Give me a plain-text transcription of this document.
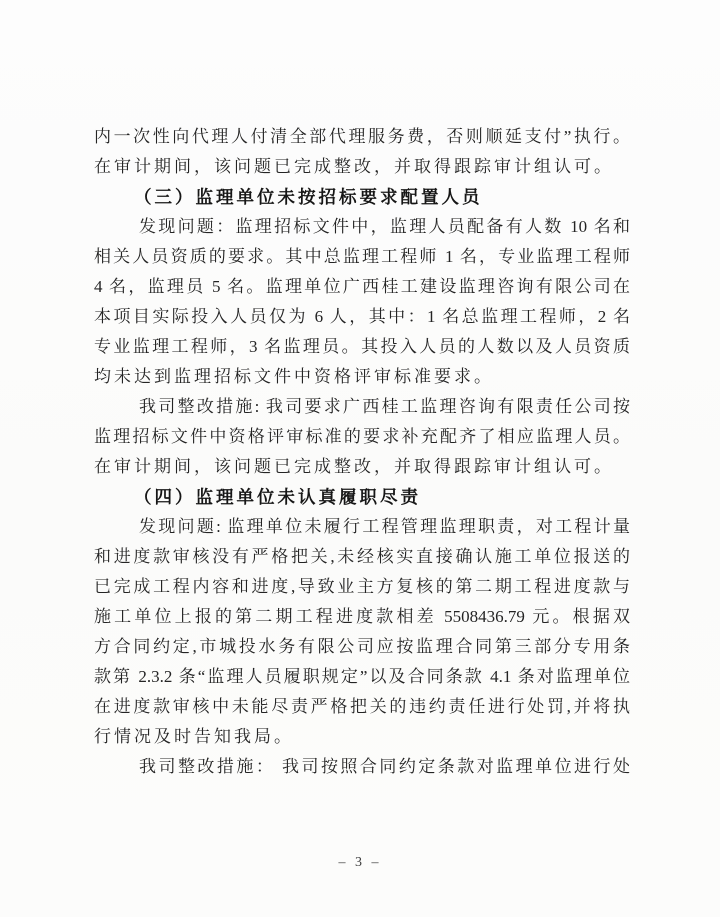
内一次性向代理人付清全部代理服务费，否则顺延支付”执行。
在审计期间，该问题已完成整改，并取得跟踪审计组认可。
（三）监理单位未按招标要求配置人员
发现问题：监理招标文件中，监理人员配备有人数 10 名和
相关人员资质的要求。其中总监理工程师 1 名，专业监理工程师
4 名，监理员 5 名。监理单位广西桂工建设监理咨询有限公司在
本项目实际投入人员仅为 6 人，其中：1 名总监理工程师，2 名
专业监理工程师，3 名监理员。其投入人员的人数以及人员资质
均未达到监理招标文件中资格评审标准要求。
我司整改措施: 我司要求广西桂工监理咨询有限责任公司按
监理招标文件中资格评审标准的要求补充配齐了相应监理人员。
在审计期间，该问题已完成整改，并取得跟踪审计组认可。
（四）监理单位未认真履职尽责
发现问题: 监理单位未履行工程管理监理职责，对工程计量
和进度款审核没有严格把关,未经核实直接确认施工单位报送的
已完成工程内容和进度,导致业主方复核的第二期工程进度款与
施工单位上报的第二期工程进度款相差 5508436.79 元。根据双
方合同约定,市城投水务有限公司应按监理合同第三部分专用条
款第 2.3.2 条“监理人员履职规定”以及合同条款 4.1 条对监理单位
在进度款审核中未能尽责严格把关的违约责任进行处罚,并将执
行情况及时告知我局。
我司整改措施： 我司按照合同约定条款对监理单位进行处
– 3 –
